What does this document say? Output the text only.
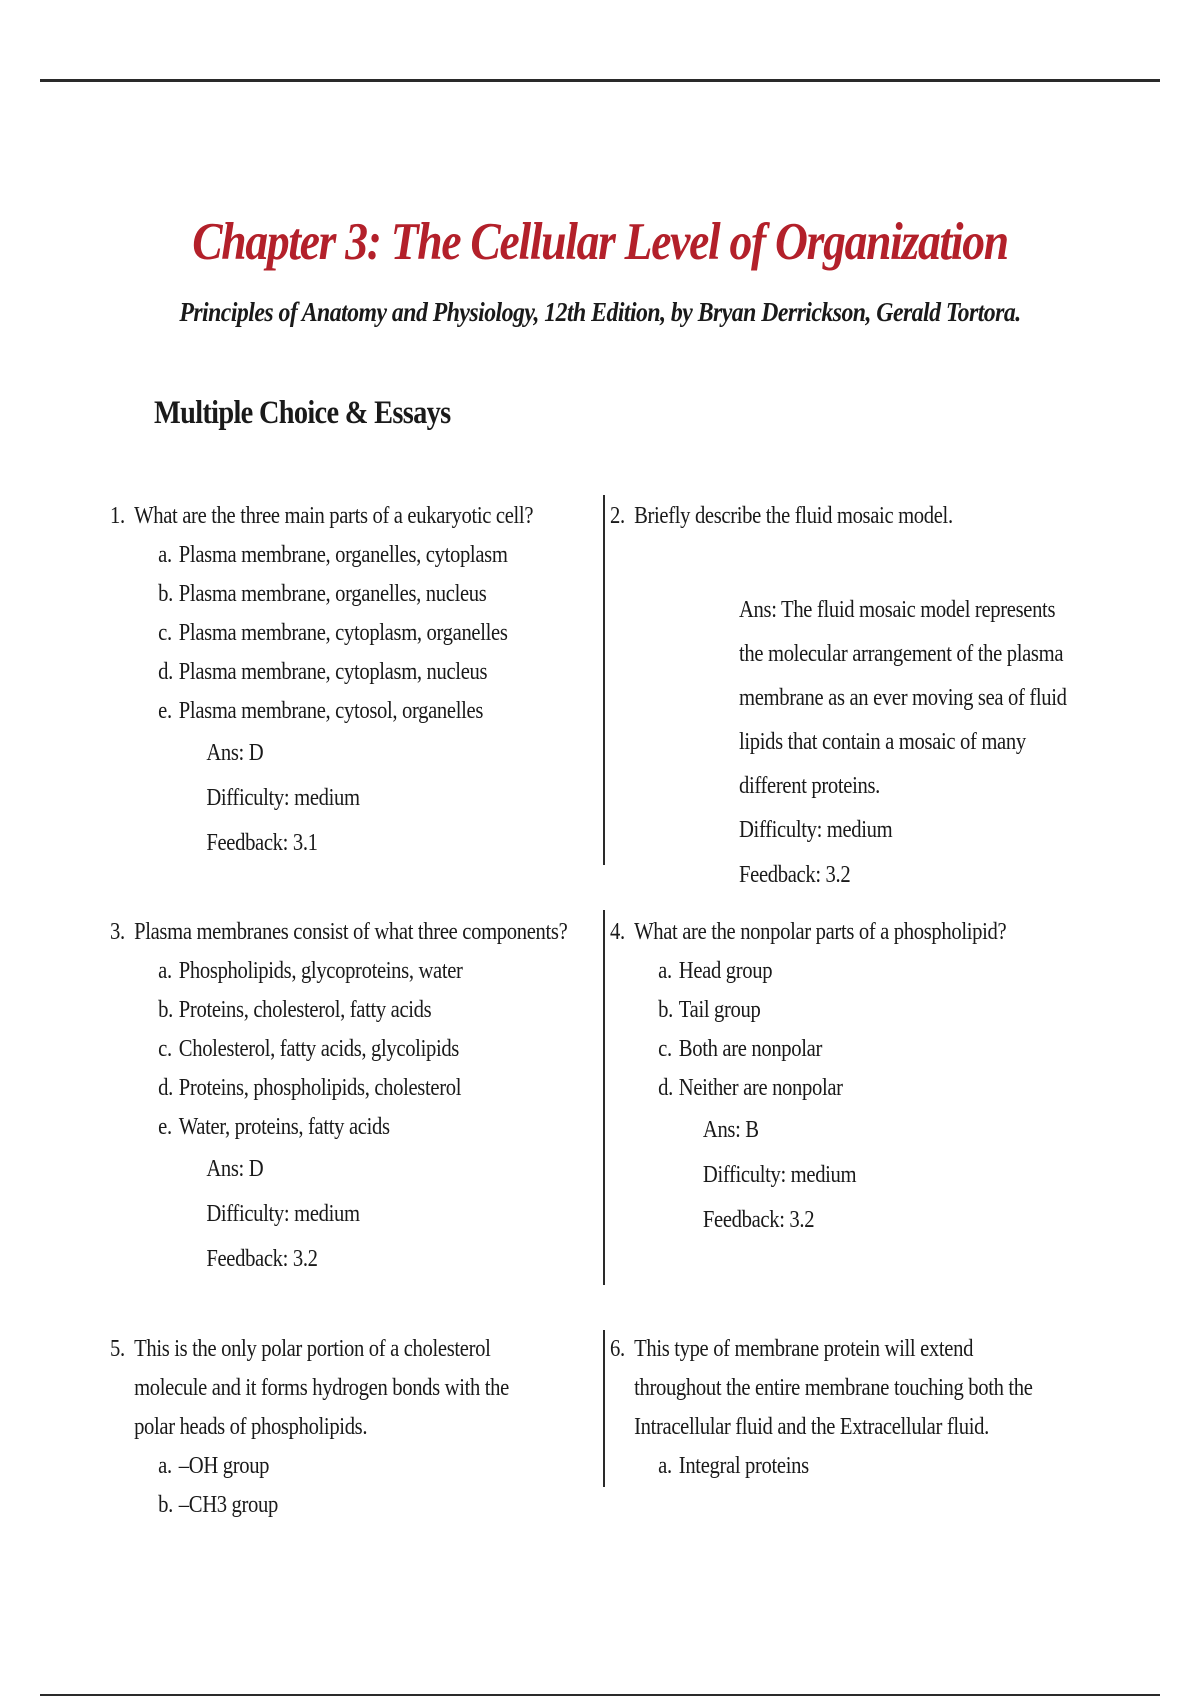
Chapter 3: The Cellular Level of Organization
Principles of Anatomy and Physiology, 12th Edition, by Bryan Derrickson, Gerald Tortora.
Multiple Choice & Essays
1. What are the three main parts of a eukaryotic cell?
a. Plasma membrane, organelles, cytoplasm
b. Plasma membrane, organelles, nucleus
c. Plasma membrane, cytoplasm, organelles
d. Plasma membrane, cytoplasm, nucleus
e. Plasma membrane, cytosol, organelles
Ans: D
Difficulty: medium
Feedback: 3.1
2. Briefly describe the fluid mosaic model.
Ans: The fluid mosaic model represents the molecular arrangement of the plasma membrane as an ever moving sea of fluid lipids that contain a mosaic of many different proteins.
Difficulty: medium
Feedback: 3.2
3. Plasma membranes consist of what three components?
a. Phospholipids, glycoproteins, water
b. Proteins, cholesterol, fatty acids
c. Cholesterol, fatty acids, glycolipids
d. Proteins, phospholipids, cholesterol
e. Water, proteins, fatty acids
Ans: D
Difficulty: medium
Feedback: 3.2
4. What are the nonpolar parts of a phospholipid?
a. Head group
b. Tail group
c. Both are nonpolar
d. Neither are nonpolar
Ans: B
Difficulty: medium
Feedback: 3.2
5. This is the only polar portion of a cholesterol molecule and it forms hydrogen bonds with the polar heads of phospholipids.
a. –OH group
b. –CH3 group
6. This type of membrane protein will extend throughout the entire membrane touching both the Intracellular fluid and the Extracellular fluid.
a. Integral proteins
